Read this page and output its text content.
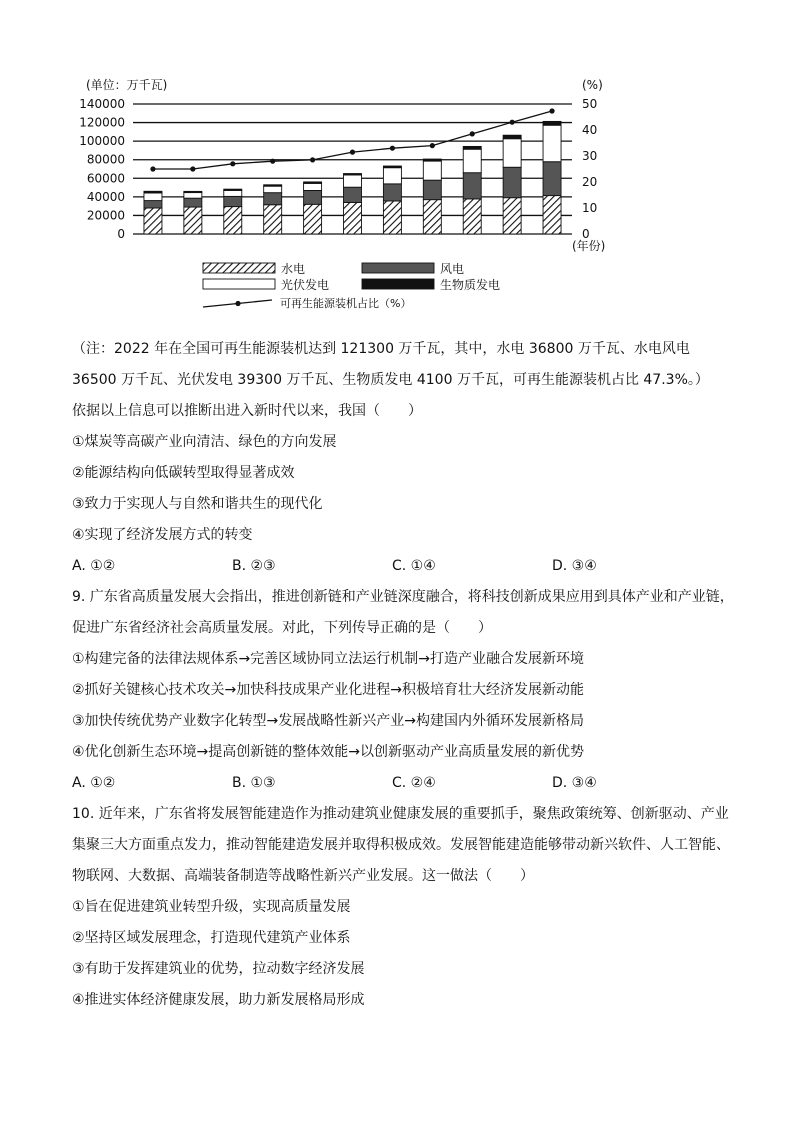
0
20000
40000
60000
80000
100000
120000
140000
0
10
20
30
40
50
(单位：万千瓦)	(%)
(年份)
水电	风电
光伏发电	生物质发电
可再生能源装机占比（%）

（注：2022 年在全国可再生能源装机达到 121300 万千瓦，其中，水电 36800 万千瓦、水电风电 36500 万千瓦、光伏发电 39300 万千瓦、生物质发电 4100 万千瓦，可再生能源装机占比 47.3%。）

依据以上信息可以推断出进入新时代以来，我国（　　）

①煤炭等高碳产业向清洁、绿色的方向发展

②能源结构向低碳转型取得显著成效

③致力于实现人与自然和谐共生的现代化

④实现了经济发展方式的转变

A. ①②	B. ②③	C. ①④	D. ③④

9. 广东省高质量发展大会指出，推进创新链和产业链深度融合，将科技创新成果应用到具体产业和产业链，促进广东省经济社会高质量发展。对此，下列传导正确的是（　　）

①构建完备的法律法规体系→完善区域协同立法运行机制→打造产业融合发展新环境

②抓好关键核心技术攻关→加快科技成果产业化进程→积极培育壮大经济发展新动能

③加快传统优势产业数字化转型→发展战略性新兴产业→构建国内外循环发展新格局

④优化创新生态环境→提高创新链的整体效能→以创新驱动产业高质量发展的新优势

A. ①②	B. ①③	C. ②④	D. ③④

10. 近年来，广东省将发展智能建造作为推动建筑业健康发展的重要抓手，聚焦政策统筹、创新驱动、产业集聚三大方面重点发力，推动智能建造发展并取得积极成效。发展智能建造能够带动新兴软件、人工智能、物联网、大数据、高端装备制造等战略性新兴产业发展。这一做法（　　）

①旨在促进建筑业转型升级，实现高质量发展

②坚持区域发展理念，打造现代建筑产业体系

③有助于发挥建筑业的优势，拉动数字经济发展

④推进实体经济健康发展，助力新发展格局形成
